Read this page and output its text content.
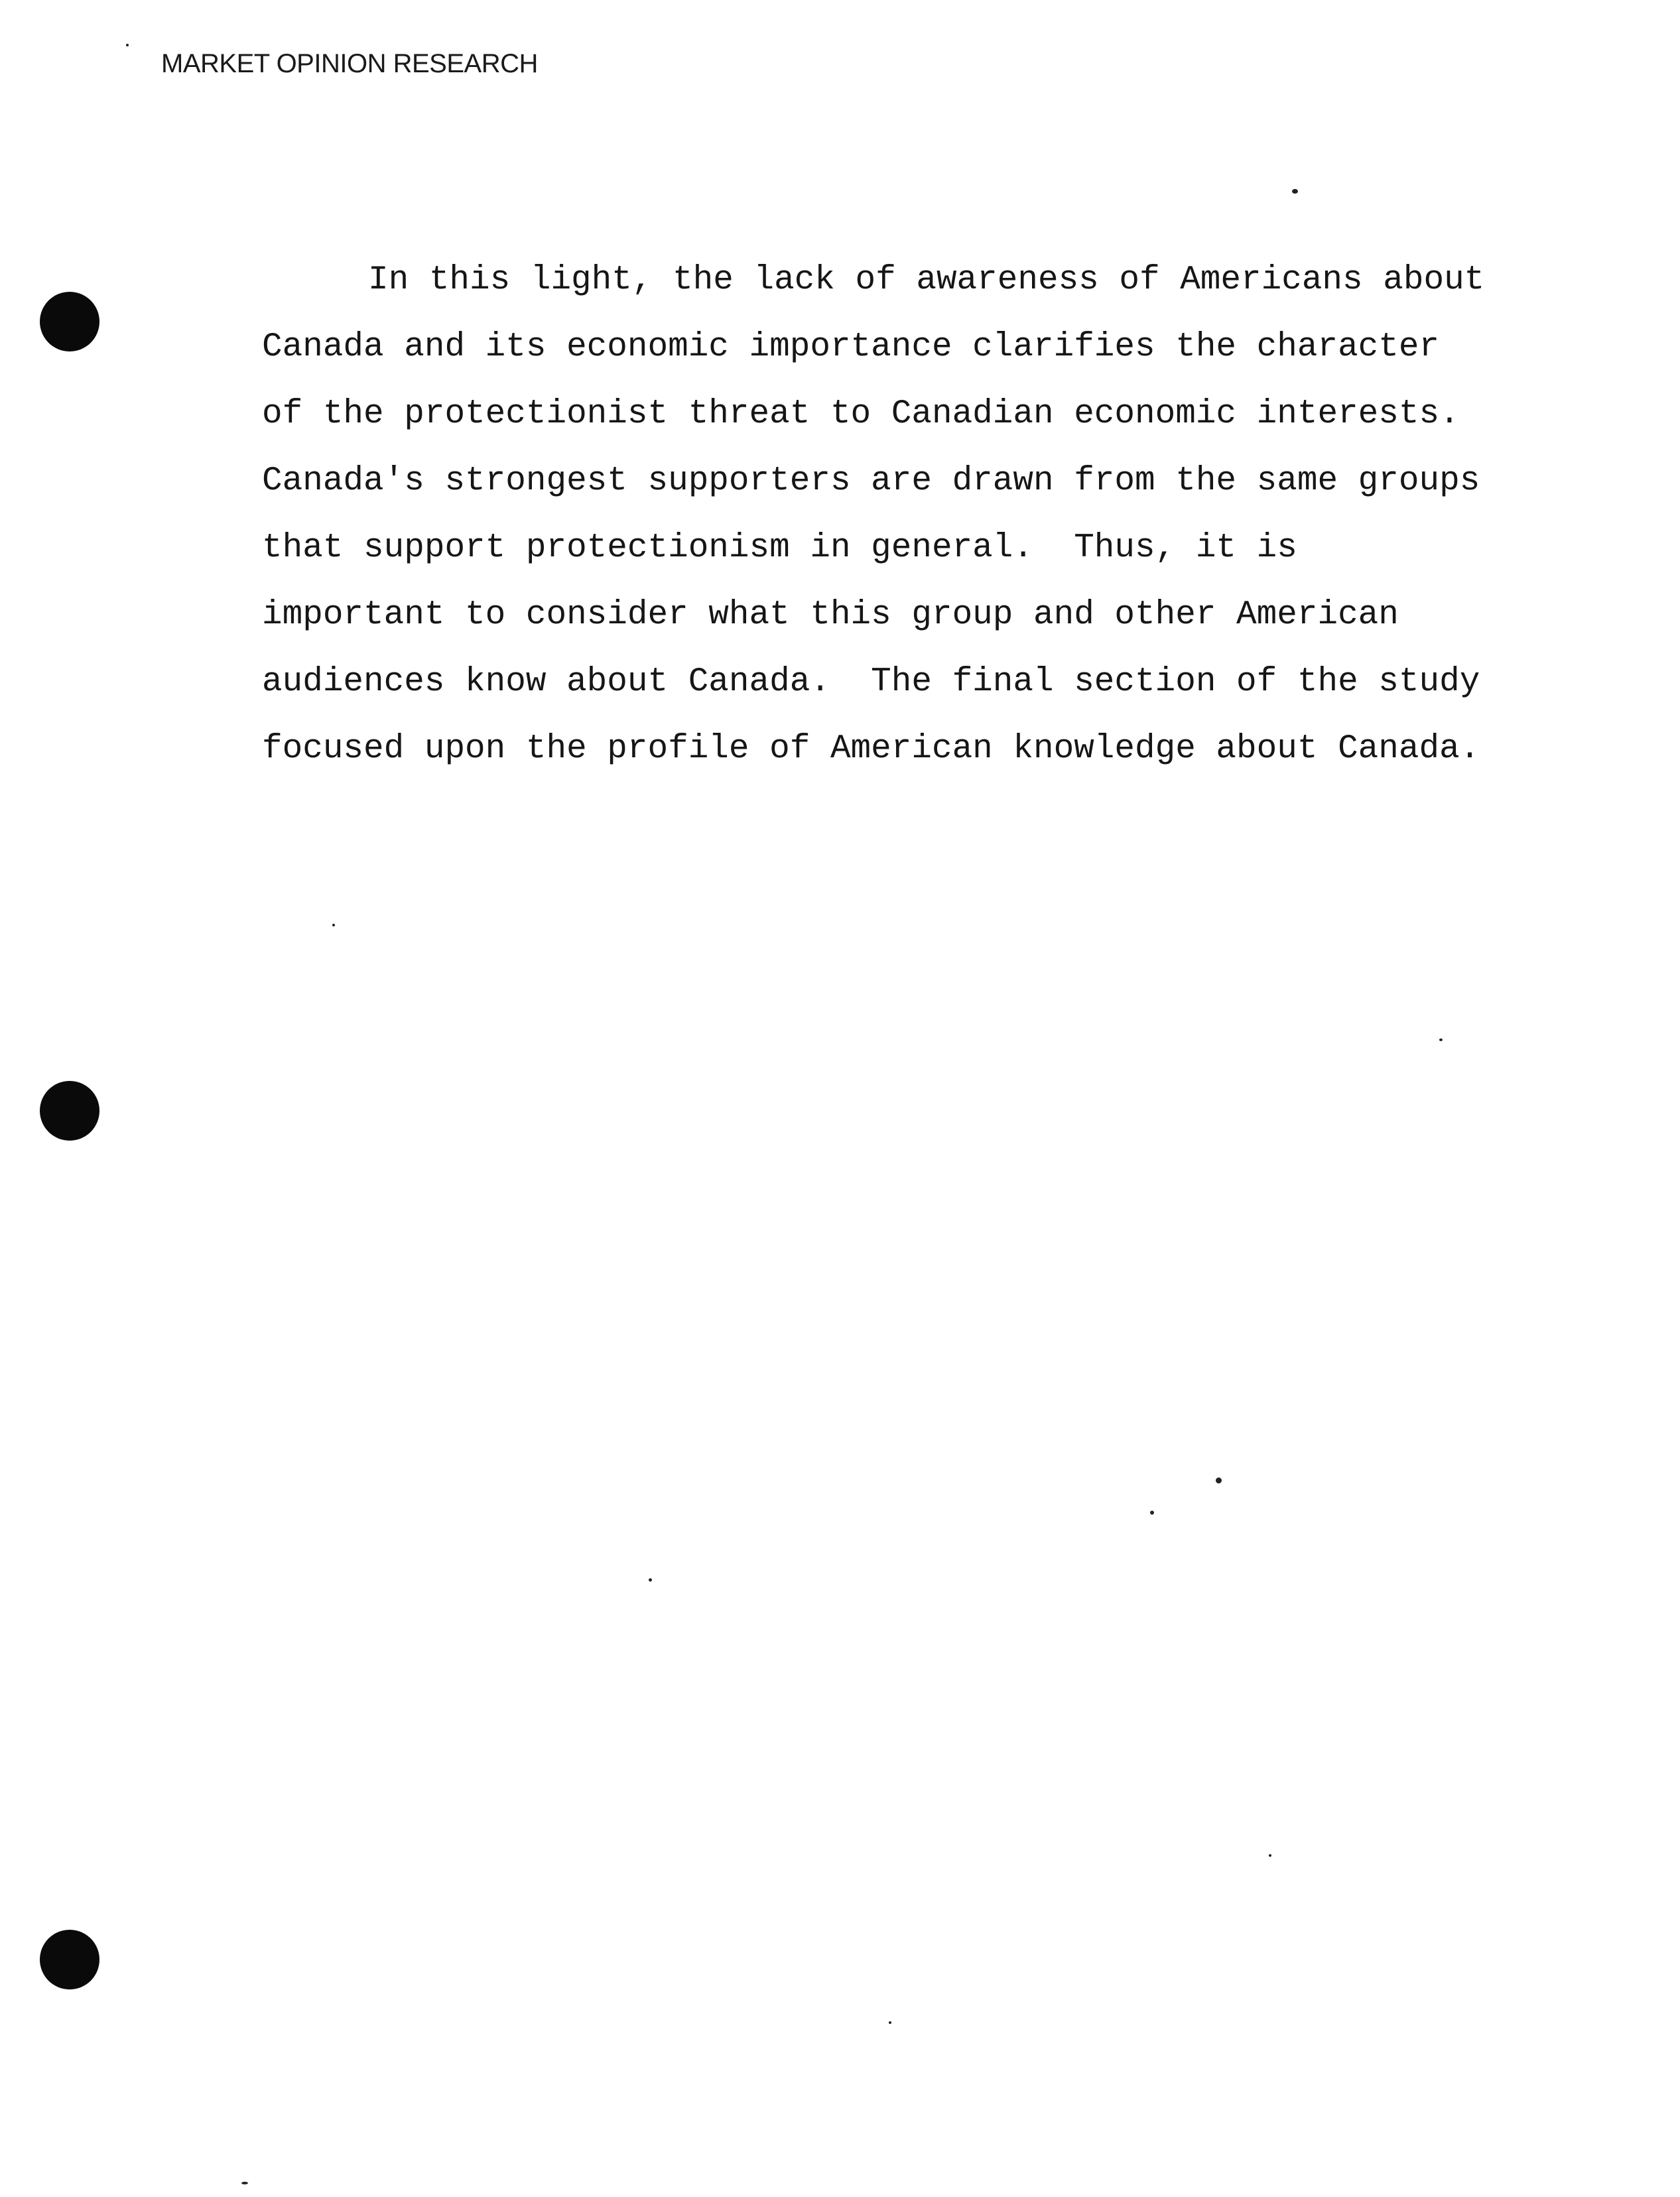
MARKET OPINION RESEARCH
In this light, the lack of awareness of Americans about
Canada and its economic importance clarifies the character
of the protectionist threat to Canadian economic interests.
Canada's strongest supporters are drawn from the same groups
that support protectionism in general.  Thus, it is
important to consider what this group and other American
audiences know about Canada.  The final section of the study
focused upon the profile of American knowledge about Canada.
